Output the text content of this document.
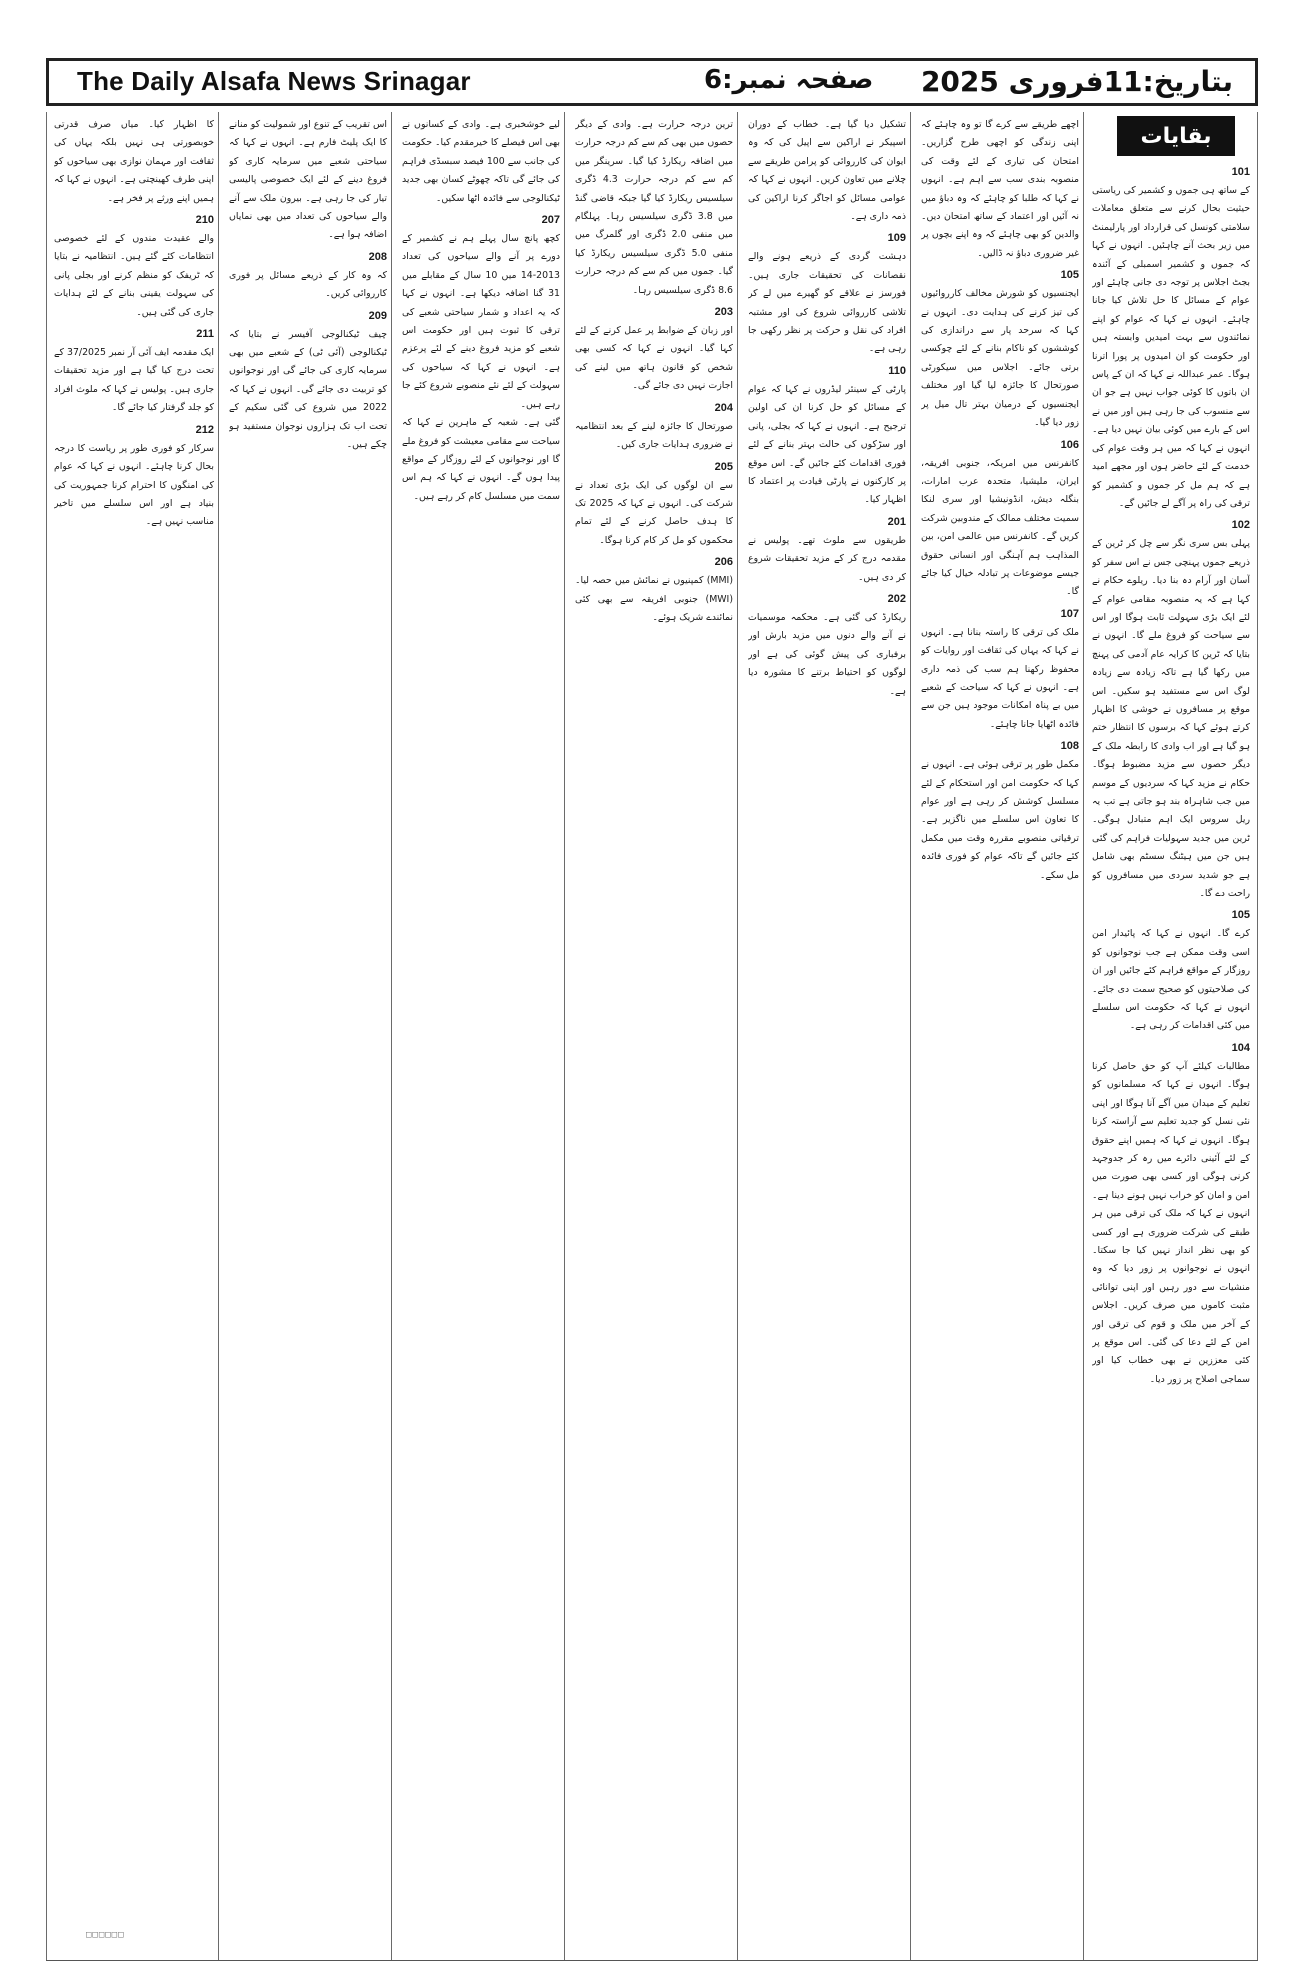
The Daily Alsafa News Srinagar	صفحہ نمبر:6 بتاریخ:11فروری 2025
بقایات
101

کے ساتھ ہی جموں و کشمیر کی ریاستی حیثیت بحال کرنے سے متعلق معاملات سلامتی کونسل کی قرارداد اور پارلیمنٹ میں زیر بحث آنے چاہئیں۔ انہوں نے کہا کہ جموں و کشمیر اسمبلی کے آئندہ بجٹ اجلاس پر توجہ دی جانی چاہئے اور عوام کے مسائل کا حل تلاش کیا جانا چاہئے۔ انہوں نے کہا کہ عوام کو اپنے نمائندوں سے بہت امیدیں وابستہ ہیں اور حکومت کو ان امیدوں پر پورا اترنا ہوگا۔ عمر عبداللہ نے کہا کہ ان کے پاس ان باتوں کا کوئی جواب نہیں ہے جو ان سے منسوب کی جا رہی ہیں اور میں نے اس کے بارے میں کوئی بیان نہیں دیا ہے۔ انہوں نے کہا کہ میں ہر وقت عوام کی خدمت کے لئے حاضر ہوں اور مجھے امید ہے کہ ہم مل کر جموں و کشمیر کو ترقی کی راہ پر آگے لے جائیں گے۔

102

پہلی بس سری نگر سے چل کر ٹرین کے ذریعے جموں پہنچی جس نے اس سفر کو آسان اور آرام دہ بنا دیا۔ ریلوے حکام نے کہا ہے کہ یہ منصوبہ مقامی عوام کے لئے ایک بڑی سہولت ثابت ہوگا اور اس سے سیاحت کو فروغ ملے گا۔ انہوں نے بتایا کہ ٹرین کا کرایہ عام آدمی کی پہنچ میں رکھا گیا ہے تاکہ زیادہ سے زیادہ لوگ اس سے مستفید ہو سکیں۔ اس موقع پر مسافروں نے خوشی کا اظہار کرتے ہوئے کہا کہ برسوں کا انتظار ختم ہو گیا ہے اور اب وادی کا رابطہ ملک کے دیگر حصوں سے مزید مضبوط ہوگا۔ حکام نے مزید کہا کہ سردیوں کے موسم میں جب شاہراہ بند ہو جاتی ہے تب یہ ریل سروس ایک اہم متبادل ہوگی۔ ٹرین میں جدید سہولیات فراہم کی گئی ہیں جن میں ہیٹنگ سسٹم بھی شامل ہے جو شدید سردی میں مسافروں کو راحت دے گا۔

105

کرے گا۔ انہوں نے کہا کہ پائیدار امن اسی وقت ممکن ہے جب نوجوانوں کو روزگار کے مواقع فراہم کئے جائیں اور ان کی صلاحیتوں کو صحیح سمت دی جائے۔ انہوں نے کہا کہ حکومت اس سلسلے میں کئی اقدامات کر رہی ہے۔

104

مطالبات کیلئے آپ کو حق حاصل کرنا ہوگا۔ انہوں نے کہا کہ مسلمانوں کو تعلیم کے میدان میں آگے آنا ہوگا اور اپنی نئی نسل کو جدید تعلیم سے آراستہ کرنا ہوگا۔ انہوں نے کہا کہ ہمیں اپنے حقوق کے لئے آئینی دائرے میں رہ کر جدوجہد کرنی ہوگی اور کسی بھی صورت میں امن و امان کو خراب نہیں ہونے دینا ہے۔ انہوں نے کہا کہ ملک کی ترقی میں ہر طبقے کی شرکت ضروری ہے اور کسی کو بھی نظر انداز نہیں کیا جا سکتا۔ انہوں نے نوجوانوں پر زور دیا کہ وہ منشیات سے دور رہیں اور اپنی توانائی مثبت کاموں میں صرف کریں۔ اجلاس کے آخر میں ملک و قوم کی ترقی اور امن کے لئے دعا کی گئی۔ اس موقع پر کئی معززین نے بھی خطاب کیا اور سماجی اصلاح پر زور دیا۔

اچھے طریقے سے کرے گا تو وہ چاہئے کہ اپنی زندگی کو اچھی طرح گزاریں۔ امتحان کی تیاری کے لئے وقت کی منصوبہ بندی سب سے اہم ہے۔ انہوں نے کہا کہ طلبا کو چاہئے کہ وہ دباؤ میں نہ آئیں اور اعتماد کے ساتھ امتحان دیں۔ والدین کو بھی چاہئے کہ وہ اپنے بچوں پر غیر ضروری دباؤ نہ ڈالیں۔

105

ایجنسیوں کو شورش مخالف کارروائیوں کی تیز کرنے کی ہدایت دی۔ انہوں نے کہا کہ سرحد پار سے دراندازی کی کوششوں کو ناکام بنانے کے لئے چوکسی برتی جائے۔ اجلاس میں سیکورٹی صورتحال کا جائزہ لیا گیا اور مختلف ایجنسیوں کے درمیان بہتر تال میل پر زور دیا گیا۔

106

کانفرنس میں امریکہ، جنوبی افریقہ، ایران، ملیشیا، متحدہ عرب امارات، بنگلہ دیش، انڈونیشیا اور سری لنکا سمیت مختلف ممالک کے مندوبین شرکت کریں گے۔ کانفرنس میں عالمی امن، بین المذاہب ہم آہنگی اور انسانی حقوق جیسے موضوعات پر تبادلہ خیال کیا جائے گا۔

107

ملک کی ترقی کا راستہ بنانا ہے۔ انہوں نے کہا کہ یہاں کی ثقافت اور روایات کو محفوظ رکھنا ہم سب کی ذمہ داری ہے۔ انہوں نے کہا کہ سیاحت کے شعبے میں بے پناہ امکانات موجود ہیں جن سے فائدہ اٹھایا جانا چاہئے۔

108

مکمل طور پر ترقی ہوئی ہے۔ انہوں نے کہا کہ حکومت امن اور استحکام کے لئے مسلسل کوشش کر رہی ہے اور عوام کا تعاون اس سلسلے میں ناگزیر ہے۔ ترقیاتی منصوبے مقررہ وقت میں مکمل کئے جائیں گے تاکہ عوام کو فوری فائدہ مل سکے۔

تشکیل دیا گیا ہے۔ خطاب کے دوران اسپیکر نے اراکین سے اپیل کی کہ وہ ایوان کی کارروائی کو پرامن طریقے سے چلانے میں تعاون کریں۔ انہوں نے کہا کہ عوامی مسائل کو اجاگر کرنا اراکین کی ذمہ داری ہے۔

109

دہشت گردی کے ذریعے ہونے والے نقصانات کی تحقیقات جاری ہیں۔ فورسز نے علاقے کو گھیرے میں لے کر تلاشی کارروائی شروع کی اور مشتبہ افراد کی نقل و حرکت پر نظر رکھی جا رہی ہے۔

110

پارٹی کے سینئر لیڈروں نے کہا کہ عوام کے مسائل کو حل کرنا ان کی اولین ترجیح ہے۔ انہوں نے کہا کہ بجلی، پانی اور سڑکوں کی حالت بہتر بنانے کے لئے فوری اقدامات کئے جائیں گے۔ اس موقع پر کارکنوں نے پارٹی قیادت پر اعتماد کا اظہار کیا۔

201

طریقوں سے ملوث تھے۔ پولیس نے مقدمہ درج کر کے مزید تحقیقات شروع کر دی ہیں۔

202

ریکارڈ کی گئی ہے۔ محکمہ موسمیات نے آنے والے دنوں میں مزید بارش اور برفباری کی پیش گوئی کی ہے اور لوگوں کو احتیاط برتنے کا مشورہ دیا ہے۔

ترین درجہ حرارت ہے۔ وادی کے دیگر حصوں میں بھی کم سے کم درجہ حرارت میں اضافہ ریکارڈ کیا گیا۔ سرینگر میں کم سے کم درجہ حرارت 4.3 ڈگری سیلسیس ریکارڈ کیا گیا جبکہ قاضی گنڈ میں 3.8 ڈگری سیلسیس رہا۔ پہلگام میں منفی 2.0 ڈگری اور گلمرگ میں منفی 5.0 ڈگری سیلسیس ریکارڈ کیا گیا۔ جموں میں کم سے کم درجہ حرارت 8.6 ڈگری سیلسیس رہا۔

203

اور زبان کے ضوابط پر عمل کرنے کے لئے کہا گیا۔ انہوں نے کہا کہ کسی بھی شخص کو قانون ہاتھ میں لینے کی اجازت نہیں دی جائے گی۔

204

صورتحال کا جائزہ لینے کے بعد انتظامیہ نے ضروری ہدایات جاری کیں۔

205

سے ان لوگوں کی ایک بڑی تعداد نے شرکت کی۔ انہوں نے کہا کہ 2025 تک کا ہدف حاصل کرنے کے لئے تمام محکموں کو مل کر کام کرنا ہوگا۔

206

(MMI) کمپنیوں نے نمائش میں حصہ لیا۔ (MWI) جنوبی افریقہ سے بھی کئی نمائندے شریک ہوئے۔

لیے خوشخبری ہے۔ وادی کے کسانوں نے بھی اس فیصلے کا خیرمقدم کیا۔ حکومت کی جانب سے 100 فیصد سبسڈی فراہم کی جائے گی تاکہ چھوٹے کسان بھی جدید ٹیکنالوجی سے فائدہ اٹھا سکیں۔

207

کچھ پانچ سال پہلے ہم نے کشمیر کے دورے پر آنے والے سیاحوں کی تعداد 2013-14 میں 10 سال کے مقابلے میں 31 گنا اضافہ دیکھا ہے۔ انہوں نے کہا کہ یہ اعداد و شمار سیاحتی شعبے کی ترقی کا ثبوت ہیں اور حکومت اس شعبے کو مزید فروغ دینے کے لئے پرعزم ہے۔ انہوں نے کہا کہ سیاحوں کی سہولت کے لئے نئے منصوبے شروع کئے جا رہے ہیں۔

گئی ہے۔ شعبہ کے ماہرین نے کہا کہ سیاحت سے مقامی معیشت کو فروغ ملے گا اور نوجوانوں کے لئے روزگار کے مواقع پیدا ہوں گے۔ انہوں نے کہا کہ ہم اس سمت میں مسلسل کام کر رہے ہیں۔

اس تقریب کے تنوع اور شمولیت کو منانے کا ایک پلیٹ فارم ہے۔ انہوں نے کہا کہ سیاحتی شعبے میں سرمایہ کاری کو فروغ دینے کے لئے ایک خصوصی پالیسی تیار کی جا رہی ہے۔ بیرون ملک سے آنے والے سیاحوں کی تعداد میں بھی نمایاں اضافہ ہوا ہے۔

208

کہ وہ کار کے ذریعے مسائل پر فوری کارروائی کریں۔

209

چیف ٹیکنالوجی آفیسر نے بتایا کہ ٹیکنالوجی (آئی ٹی) کے شعبے میں بھی سرمایہ کاری کی جائے گی اور نوجوانوں کو تربیت دی جائے گی۔ انہوں نے کہا کہ 2022 میں شروع کی گئی سکیم کے تحت اب تک ہزاروں نوجوان مستفید ہو چکے ہیں۔

کا اظہار کیا۔ میاں صرف قدرتی خوبصورتی ہی نہیں بلکہ یہاں کی ثقافت اور مہمان نوازی بھی سیاحوں کو اپنی طرف کھینچتی ہے۔ انہوں نے کہا کہ ہمیں اپنے ورثے پر فخر ہے۔

210

والے عقیدت مندوں کے لئے خصوصی انتظامات کئے گئے ہیں۔ انتظامیہ نے بتایا کہ ٹریفک کو منظم کرنے اور بجلی پانی کی سہولت یقینی بنانے کے لئے ہدایات جاری کی گئی ہیں۔

211

ایک مقدمہ ایف آئی آر نمبر 37/2025 کے تحت درج کیا گیا ہے اور مزید تحقیقات جاری ہیں۔ پولیس نے کہا کہ ملوث افراد کو جلد گرفتار کیا جائے گا۔

212

سرکار کو فوری طور پر ریاست کا درجہ بحال کرنا چاہئے۔ انہوں نے کہا کہ عوام کی امنگوں کا احترام کرنا جمہوریت کی بنیاد ہے اور اس سلسلے میں تاخیر مناسب نہیں ہے۔

□□□□□□
